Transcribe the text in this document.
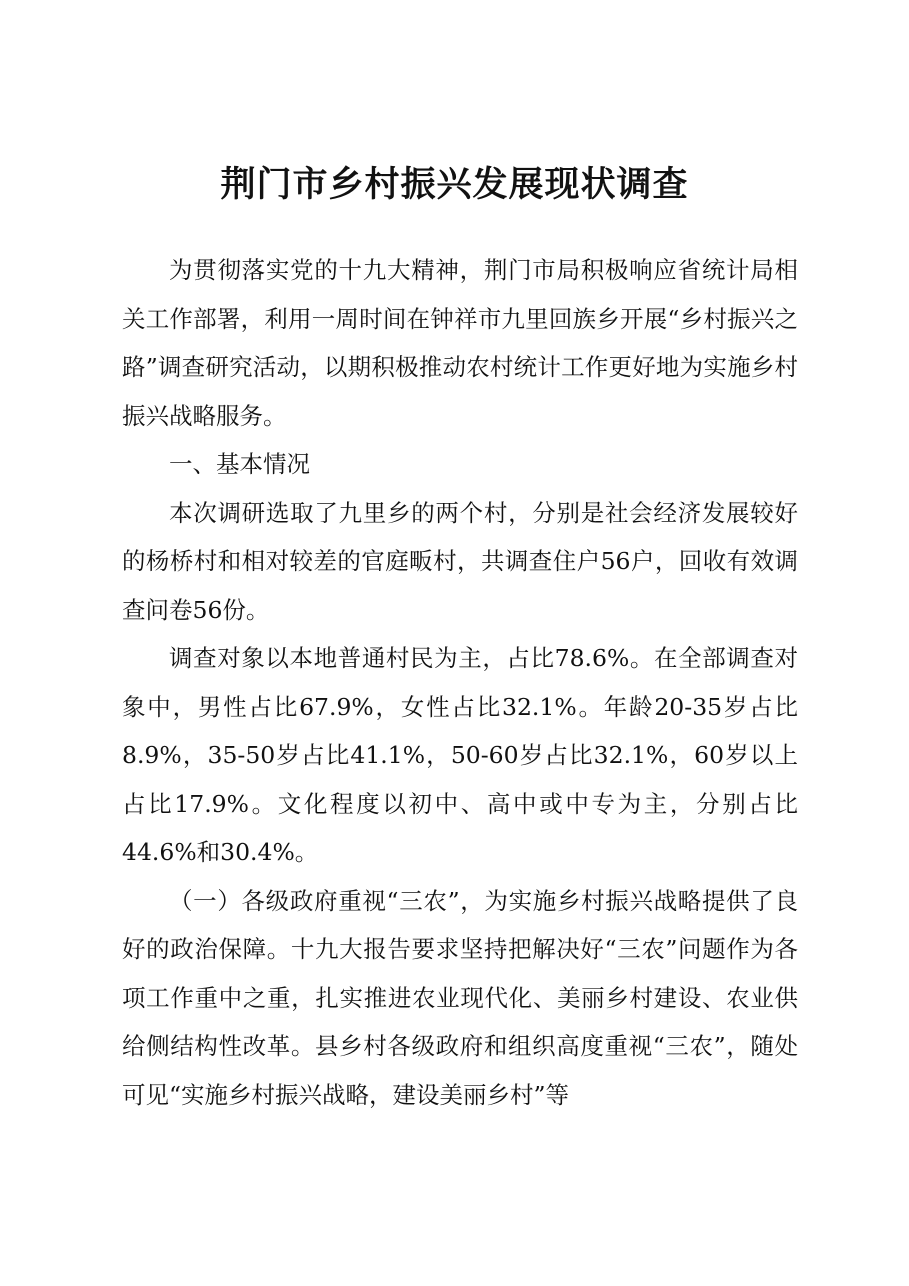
荆门市乡村振兴发展现状调查

为贯彻落实党的十九大精神，荆门市局积极响应省统计局相关工作部署，利用一周时间在钟祥市九里回族乡开展“乡村振兴之路”调查研究活动，以期积极推动农村统计工作更好地为实施乡村振兴战略服务。

一、基本情况

本次调研选取了九里乡的两个村，分别是社会经济发展较好的杨桥村和相对较差的官庭畈村，共调查住户56户，回收有效调查问卷56份。

调查对象以本地普通村民为主，占比78.6%。在全部调查对象中，男性占比67.9%，女性占比32.1%。年龄20-35岁占比8.9%，35-50岁占比41.1%，50-60岁占比32.1%，60岁以上占比17.9%。文化程度以初中、高中或中专为主，分别占比44.6%和30.4%。

（一）各级政府重视“三农”，为实施乡村振兴战略提供了良好的政治保障。十九大报告要求坚持把解决好“三农”问题作为各项工作重中之重，扎实推进农业现代化、美丽乡村建设、农业供给侧结构性改革。县乡村各级政府和组织高度重视“三农”，随处可见“实施乡村振兴战略，建设美丽乡村”等
